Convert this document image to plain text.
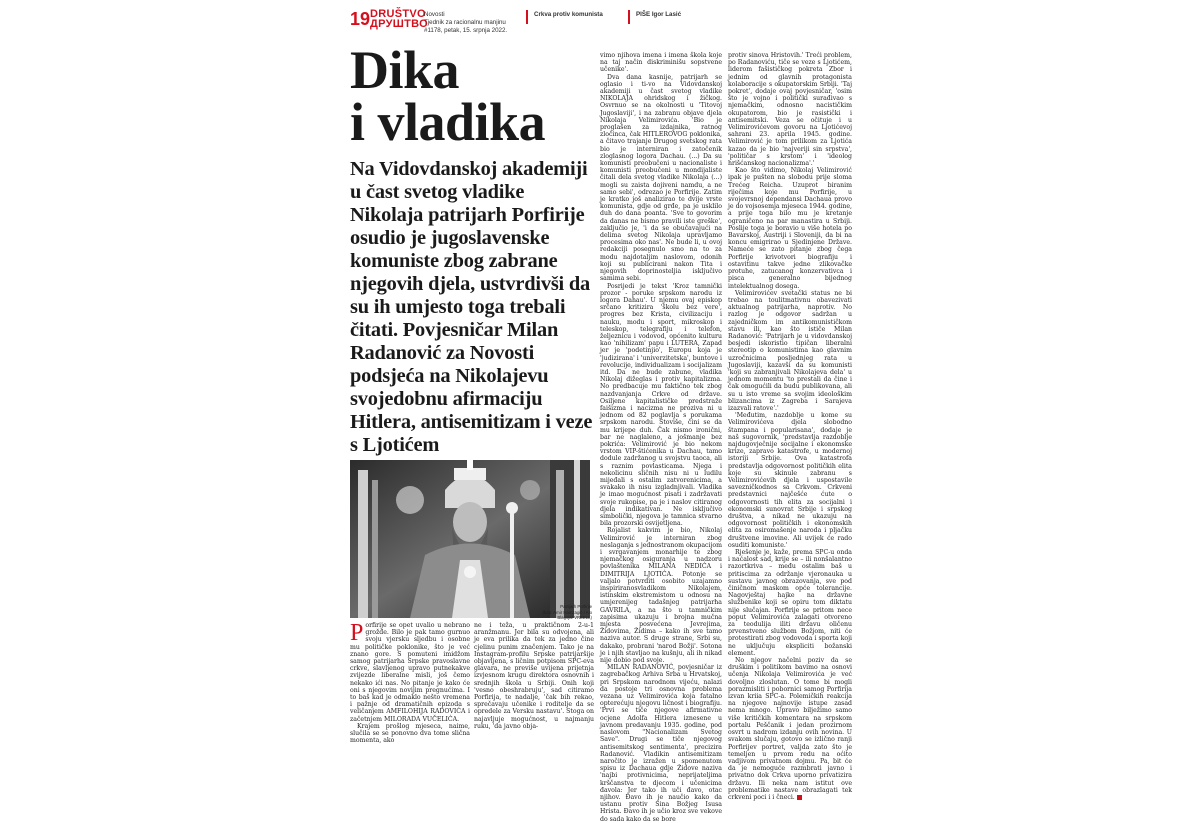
19 DRUŠTVO
ДРУШТВО
Novosti
Tjednik za racionalnu manjinu
#1178, petak, 15. srpnja 2022.
Crkva protiv komunista	PIŠE Igor Lasić
Dika
i vladika

Na Vidovdanskoj akademiji u čast svetog vladike Nikolaja patrijarh Porfirije osudio je jugoslavenske komuniste zbog zabrane njegovih djela, ustvrdivši da su ih umjesto toga trebali čitati. Povjesničar Milan Radanović za Novosti podsjeća na Nikolajevu svojedobnu afirmaciju Hitlera, antisemitizam i veze s Ljotićem

Patrijarh Porfirije
(foto: Amir Hamzagić / Alo Blagoja/ VREELL)

Porfirije se opet uvalio u nebrano grožđe. Bilo je pak tamo gurnuo svoju vjersku sljedbu i osobne mu političke poklonike, što je već znano gore. S pomuteni imidžom samog patrijarha Srpske pravoslavne crkve, slavljenog upravo putnekakve zvijezde liberalne misli, još čemo nekako ići nas. No pitanje je kako će oni s njegovim novijim pregnućima. I to baš kad je odmaklo nešto vremena i pažnje od dramatičnih epizoda s veličanjem AMFILOHIJA RADOVIĆA i začetnjem MILORADA VUČELIĆA.

Krajem prošlog mjeseca, naime, slučila se se ponovno dva tome slična momenta, ako

ne i teža, u praktičnom 2-u-1 aranžmanu. Jer bila su odvojena, ali je eva prilika da tek za jedno čine cjelinu punim značenjem. Tako je na Instagram-profilu Srpske patrijaršije objavljena, s ličnim potpisom SPC-eva glavara, ne previše uvijena prijetnja izvjesnom krugu direktora osnovnih i srednjih škola u Srbiji. Onih koji 'vesno obeshrabruju', sad citiramo Porfirija, te nadalje, 'čak bih rekao, sprečavaju učenike i roditelje da se opredele za Versku nastavu'. Stoga on najavljuje mogućnost, u najmanju ruku, 'da javno obja-

vimo njihova imena i imena škola koje na taj način diskriminišu sopstvene učenike'.

Dva dana kasnije, patrijarh se oglasio i ti-vo na Vidovdanskoj akademiji u čast svetog vladike NIKOLAJA ohridskog i žičkog. Osvrnuo se na okolnosti u 'Titovoj Jugoslaviji', i na zabranu objave djela Nikolaja Velimirovića. 'Bio je proglašen za izdajnika, ratnog zločinca, čak HITLEROVOG poklonika, a čitavo trajanje Drugog svetskog rata bio je interniran i zatočenik zloglasnog logora Dachau. (...) Da su komunisti preobučeni u nacionaliste i komunisti preobučeni u mondijaliste čitali dela svetog vladike Nikolaja (...) mogli su zaista dojiveni namdu, a ne samo sebi', odrezao je Porfirije. Zatim je kratko još analizirao te dvije vrste komunista, gdje od grđe, pa je usklilo duh do dana poanta. 'Sve to govorim da danas ne bismo pravili iste greške', zaključio je, 'i da se obučavajući na delima svetog Nikolaja upravljamo procesima oko nas'. Ne bude li, u ovoj redakciji posegnulo smo na to za modu najdotaljim naslovom, odonih koji su publicirani nakon Tita i njegovih doprinosteljia isključivo samima sebi.

Posrijedi je tekst 'Kroz tamnički prozor - poruke srpskom narodu iz logora Dahau'. U njemu ovaj episkop srčano kritizira 'školu bez vere', progres bez Krista, civilizaciju i nauku, modu i sport, mikroskop i teleskop, telegrafiju i telefon, željeznicu i vodovod, općenito kulturu kao 'nihilizam' papu i LUTERA, Zapad jer je 'podetinjio', Europu koja je 'judizirana' i 'univerzitetska', buntove i revolucije, individualizam i socijalizam itd. Da ne bude zabune, vladika Nikolaj dižeglas i protiv kapitalizma. No predbacuje mu faktično tek zbog nazdvanjanja Crkve od države. Osiljene kapitalističke predstraže faišizma i nacizma ne proziva ni u jednom od 82 poglavlja s porukama srpskom narodu. Štoviše, čini se da mu krijepe duh. Čak nismo ironični, bar ne naglaleno, a jošmanje bez pokrića: Velimirović je bio nekom vrstom VIP-štićenika u Dachau, tamo dodule zadržanog u svojstvu taoca, ali s raznim povlasticama. Njega i nekolicinu sličnih nisu ni u ludilu mijeđali s ostalim zatvorenicima, a svakako ih nisu izgladnjivali. Vladika je imao mogućnost pisati i zadržavati svoje rukopise, pa je i naslov citiranog djela indikativan. Ne isključivo simbolički, njegova je tamnica stvarno bila prozorski osvijetljena.

Rojalist kakvim je bio, Nikolaj Velimirović je interniran zbog neslaganja s jednostranom okupacijom i svrgavanjem monarhije te zbog njemačkog osiguranja u nadzoru povlaštenika MILANA NEDIĆA i DIMITRIJA LJOTIĆA. Potonje se valjalo potvrditi osobito uzajamno inspiriranosvladikom Nikolajem, istinskim ekstremistom u odnosu na umjerenijeg tadašnjeg patrijarha GAVRILA, a na što u tamničkim zapisima ukazuju i brojna mučna mjesta posvećena Jevrejima, Židovima, Židima – kako ih sve tamo naziva autor. S druge strane, Srbi su, dakako, probrani 'narod Božji'. Sotona je i njih stavljao na kušnju, ali ih nikad nije dobio pod svoje.

MILAN RADANOVIĆ, povjesničar iz zagrebačkog Arhiva Srba u Hrvatskoj, pri Srpskom narodnom vijeću, nalazi da postoje tri osnovna problema vezana uz Velimirovića koja fatalno opterećuju njegovu ličnost i biografiju. 'Prvi se tiče njegove afirmativne ocjene Adolfa Hitlera iznesene u javnom predavanju 1935. godine, pod naslovom "Nacionalizam Svetog Save". Drugi se tiče njegovog antisemitskog sentimenta', precizira Radanović. Vladikin antisemitizam naročito je izražen u spomenutom spisu iz Dachaua gdje Židove naziva 'najbi protivnicima, neprijateljima krščanstva te djecom i učenicima đavola: Jer tako ih uči đavo, otac njihov. Đavo ih je naučio kako da ustanu protiv Sina Božjeg Isusa Hrista. Đavo ih je učio kroz sve vekove do sada kako da se bore

protiv sinova Hristovih.' Treći problem, po Radanoviću, tiče se veze s Ljotićem, liderom fašističkog pokreta Zbor i jednim od glavnih protagonista kolaboracije s okupatorskim Srbiji. 'Taj pokret', dodaje ovaj povjesničar, 'osim što je vojno i politički surađivao s njemačkim, odnosno nacističkim okupatorom, bio je rasistički i antisemitski. Veza se očituje i u Velimirovićevom govoru na Ljotićevoj sahrani 23. aprila 1945. godine. Velimirović je tom prilikom za Ljotića kazao da je bio 'najveriji sin srpstva', 'političar s krstom' i 'ideolog hrišćanskog nacionalizma'.'

Kao što vidimo, Nikolaj Velimirović ipak je pušten na slobodu prije sloma Trećeg Reicha. Uzuprot biranim riječima koje mu Porfirije, u svojevrsnoj dependansi Dachaua provo je do vojsosemja mjeseca 1944. godine, a prije toga bilo mu je kretanje ograničeno na par manastira u Srbiji. Poslije toga je boravio u više hotela po Bavarskoj, Austriji i Sloveniji, da bi na koncu emigrirao u Sjedinjene Države. Nameće se zato pitanje zbog čega Porfirije krivotvori biografiju i ostavitinu takve jedne zlikovačke protuhe, zatucanog konzervativca i pisca generalno bijednog intelektualnog dosega.

Velimirovićev svetački status ne bi trebao na toulitmativnu obavezivati aktualnog patrijarha, naprotiv. No razlog je odgovor sadržan u zajedničkom im antikomunističkom stavu ili, kao što ističe Milan Radanović: 'Patrijarh je u vidovdanskoj besjedi iskoristio tipičan liberalni stereotip o komunistima kao glavnim uzročnicima posljednjeg rata u Jugoslaviji, kazavši da su komunisti 'koji su zabranjivali Nikolajeva dela' u jednom momentu 'to prestali da čine i čak omogućili da budu publikovana, ali su u isto vreme sa svojim ideološkim blizancima iz Zagreba i Sarajeva izazvali ratove'.'

'Međutim, nazdoblje u kome su Velimirovićeva djela slobodno štampana i popularisana', dodaje je naš sugovornik, 'predstavlja razdoblje najdugovječnije socijalne i ekonomske krize, zapravo katastrofe, u modernoj istoriji Srbije. Ova katastrofa predstavlja odgovornost političkih elita koje su skinule zabranu s Velimirovićevih djela i uspostavile savezničkodnos sa Crkvom. Crkveni predstavnici najčešće ćute o odgovornosti tih elita za socijalni i ekonomski sunovrat Srbije i srpskog društva, a nikad ne ukazuju na odgovornost političkih i ekonomskih elita za osiromašenje naroda i pljačku društvene imovine. Ali uvijek će rado osuditi komuniste.'

Rješenje je, kaže, prema SPC-u onda i naćalost sad, krije se – ili nonšalantno razortkriva – među ostalim baš u pritiscima za održanje vjeronauka u sustavu javnog obrazovanja, sve pod činičnom maskom opće tolerancije. Nagovještaj hajke na državne službenike koji se opiru tom diktatu nije slučajan. Porfirije se pritom nece poput Velimirovića zalagati otvoreno za teodulija iliti državu oličenu prvenstveno službom Božjom, niti će protestirati zbog vodovoda i sporta koji ne uključuju ekspliciti božanski element.

No njegov načelni poziv da se druškim i politikom bavimo na osnovi učenja Nikolaja Velimirovića je već dovoljno zloslutan. O tome bi mogli porazmisliti i pobornici samog Porfirija izvan kriia SPC-a. Polemičkih reakcija na njegove najnovije istupe zasad nema mnogo. Upravo bilježimo samo više kritičkih komentara na srpskom portalu Peščanik i jedan prozirnom osvrt u nadrom izdanju ovih novina. U svakom slučaju, gotovo se izlično ranji Porfirijev portret, valjda zato što je temeljen u prvom redu na oćito vadjivom privatnom dojmu. Pa, bit će da je nemoguće razmbrati javno i privatno dok Crkva uporno privatizira državu. Ili neka nam istitut ove problematike nastave obrazlagati tek crkveni poci i i čneci.
